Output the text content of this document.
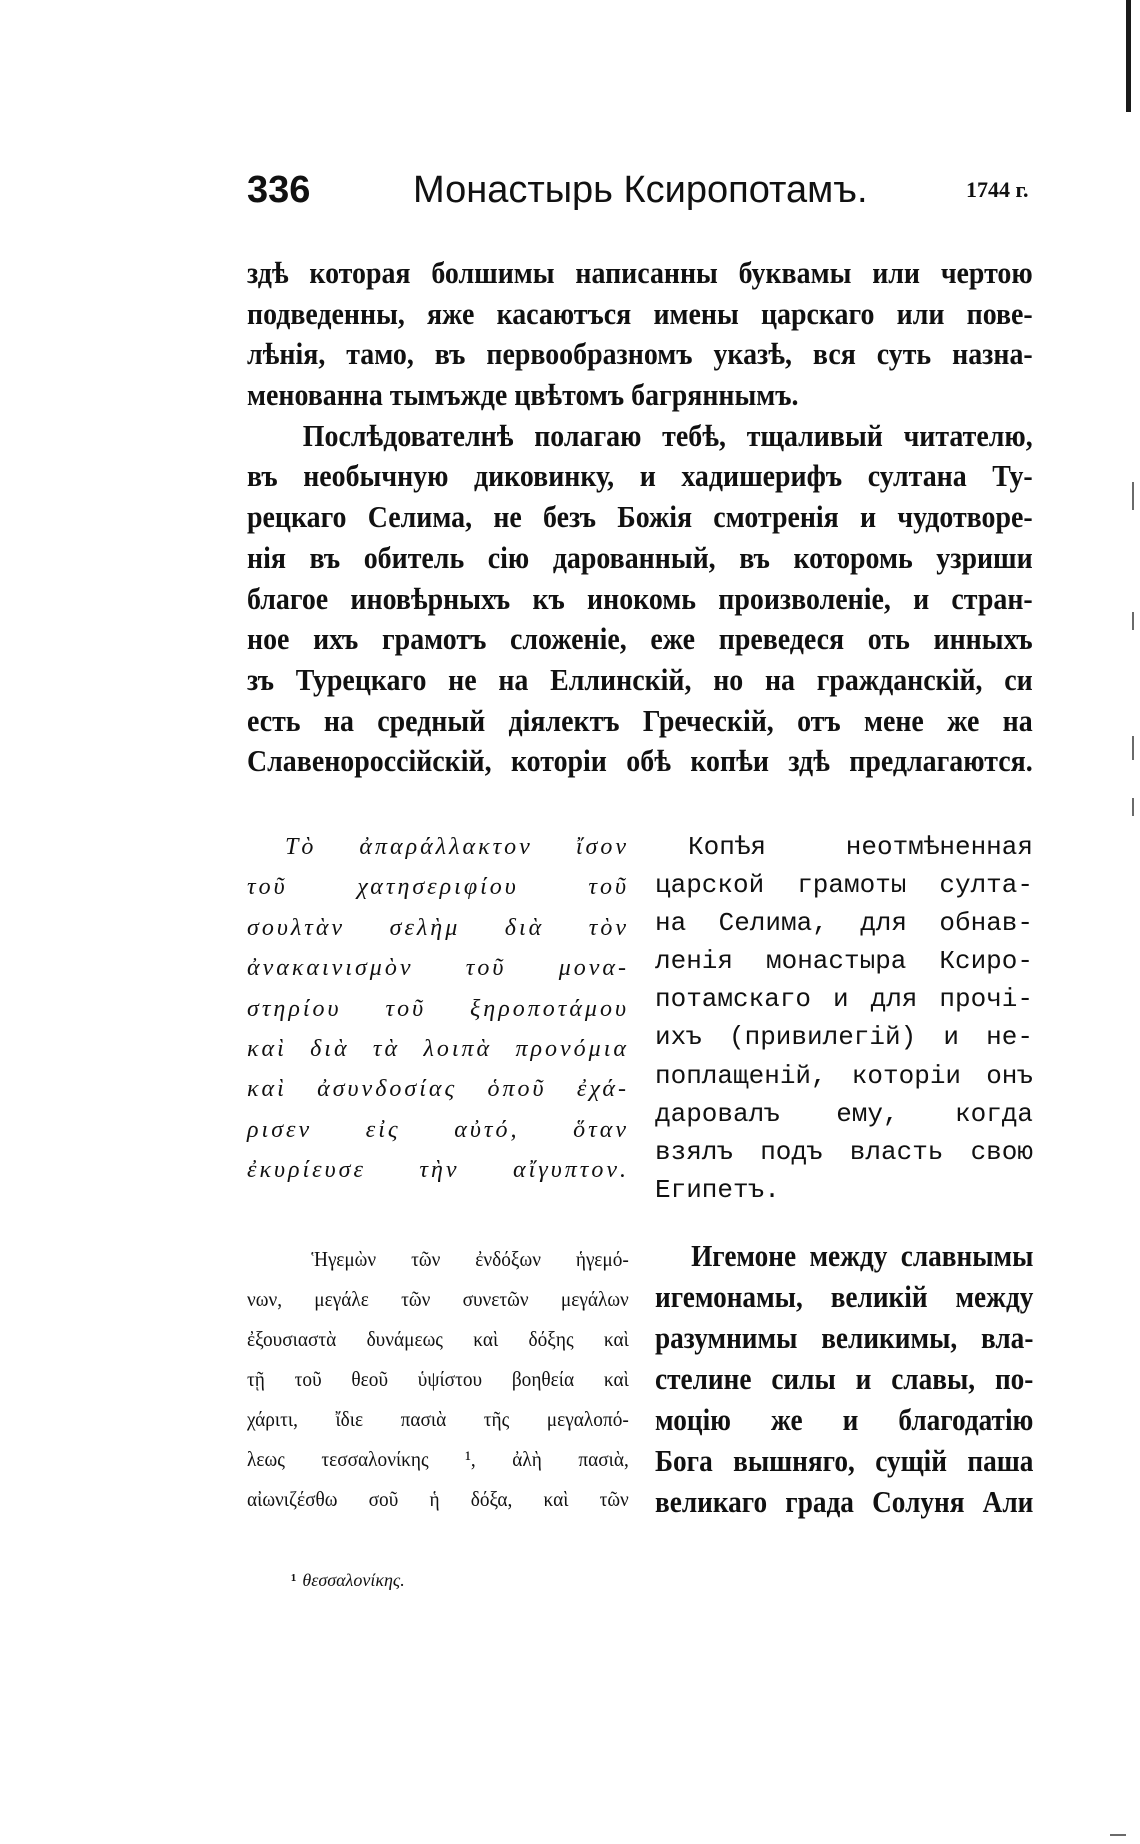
336	Монастырь Ксиропотамъ.	1744 г.
здѣ которая болшимы написанны буквамы или чертою
подведенны, яже касаютъся имены царскаго или пове-
лѣнія, тамо, въ первообразномъ указѣ, вся суть назна-
менованна тымъжде цвѣтомъ багряннымъ.
Послѣдователнѣ полагаю тебѣ, тщаливый читателю,
въ необычную диковинку, и хадишерифъ султана Ту-
рецкаго Селима, не безъ Божія смотренія и чудотворе-
нія въ обитель сію дарованный, въ которомь узриши
благое иновѣрныхъ къ инокомь произволеніе, и стран-
ное ихъ грамотъ сложеніе, еже преведеся оть инныхъ
зъ Турецкаго не на Еллинскій, но на гражданскій, си
есть на средный діялектъ Греческій, отъ мене же на
Славенороссійскій, которіи обѣ копѣи здѣ предлагаются.
Τὸ ἀπαράλλακτον ἴσον
τοῦ χατησεριφίου τοῦ
σουλτὰν σελὴμ διὰ τὸν
ἀνακαινισμὸν τοῦ μονα-
στηρίου τοῦ ξηροποτάμου
καὶ διὰ τὰ λοιπὰ προνόμια
καὶ ἀσυνδοσίας ὁποῦ ἐχά-
ρισεν εἰς αὐτό, ὅταν
ἐκυρίευσε τὴν αἴγυπτον.
Копѣя неотмѣненная
царской грамоты султа-
на Селима, для обнав-
ленія монастыра Ксиро-
потамскаго и для прочі-
ихъ (привилегій) и не-
поплащеній, которіи онъ
даровалъ ему, когда
взялъ подъ власть свою
Египетъ.
Ἡγεμὼν τῶν ἐνδόξων ἡγεμό-
νων, μεγάλε τῶν συνετῶν μεγάλων
ἐξουσιαστὰ δυνάμεως καὶ δόξης καὶ
τῇ τοῦ θεοῦ ὑψίστου βοηθεία καὶ
χάριτι, ἴδιε πασιὰ τῆς μεγαλοπό-
λεως τεσσαλονίκης ¹, ἀλὴ πασιὰ,
αἰωνιζέσθω σοῦ ἡ δόξα, καὶ τῶν
Игемоне между славнымы
игемонамы, великій между
разумнимы великимы, вла-
стелине силы и славы, по-
моцію же и благодатію
Бога вышняго, сущій паша
великаго града Солуня Али
¹ θεσσαλονίκης.
